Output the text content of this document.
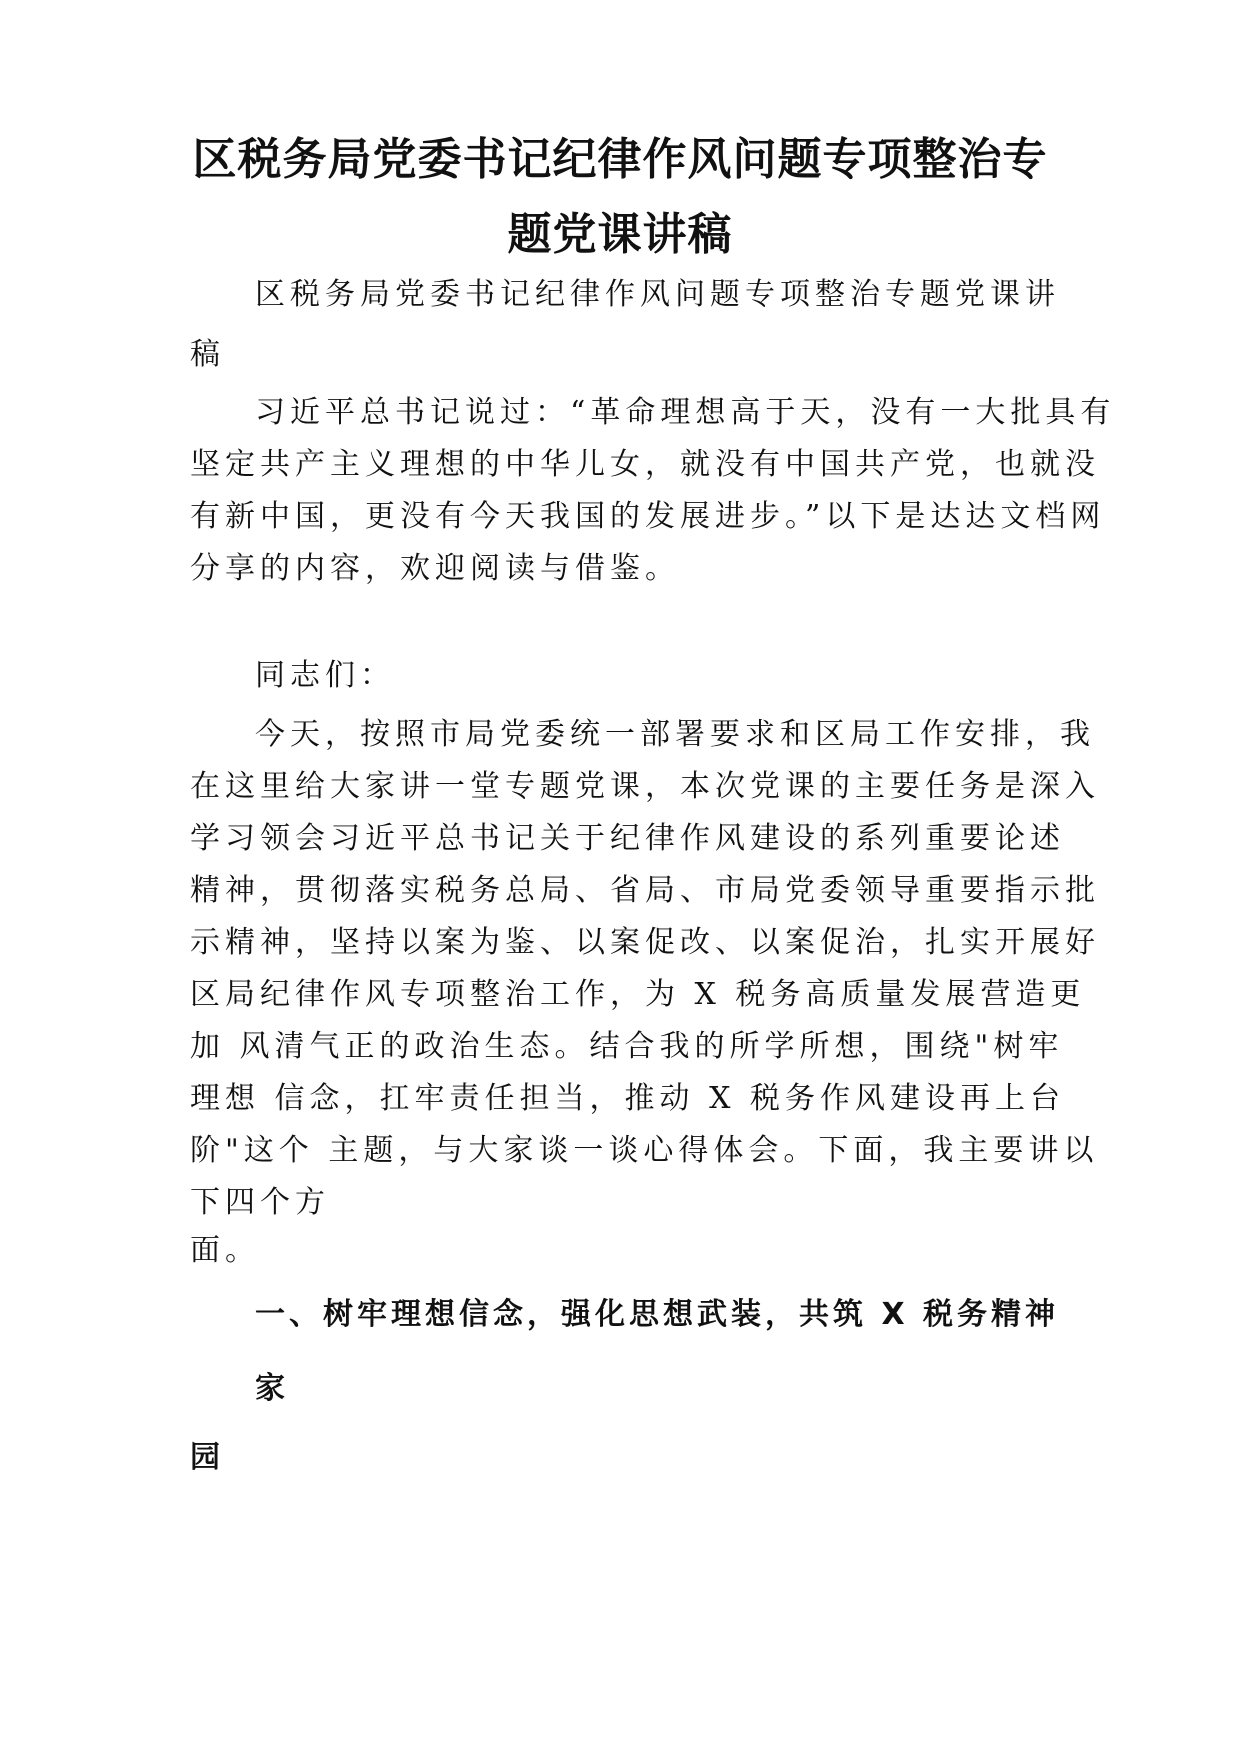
区税务局党委书记纪律作风问题专项整治专
题党课讲稿
区税务局党委书记纪律作风问题专项整治专题党课讲
稿
习近平总书记说过：“革命理想高于天，没有一大批具有
坚定共产主义理想的中华儿女，就没有中国共产党，也就没
有新中国，更没有今天我国的发展进步。”以下是达达文档网
分享的内容，欢迎阅读与借鉴。
同志们：
今天，按照市局党委统一部署要求和区局工作安排，我
在这里给大家讲一堂专题党课，本次党课的主要任务是深入
学习领会习近平总书记关于纪律作风建设的系列重要论述
精神，贯彻落实税务总局、省局、市局党委领导重要指示批
示精神，坚持以案为鉴、以案促改、以案促治，扎实开展好
区局纪律作风专项整治工作，为 X 税务高质量发展营造更
加 风清气正的政治生态。结合我的所学所想，围绕"树牢
理想 信念，扛牢责任担当，推动 X 税务作风建设再上台
阶"这个 主题，与大家谈一谈心得体会。下面，我主要讲以
下四个方
面。
一、树牢理想信念，强化思想武装，共筑 X 税务精神
家
园
